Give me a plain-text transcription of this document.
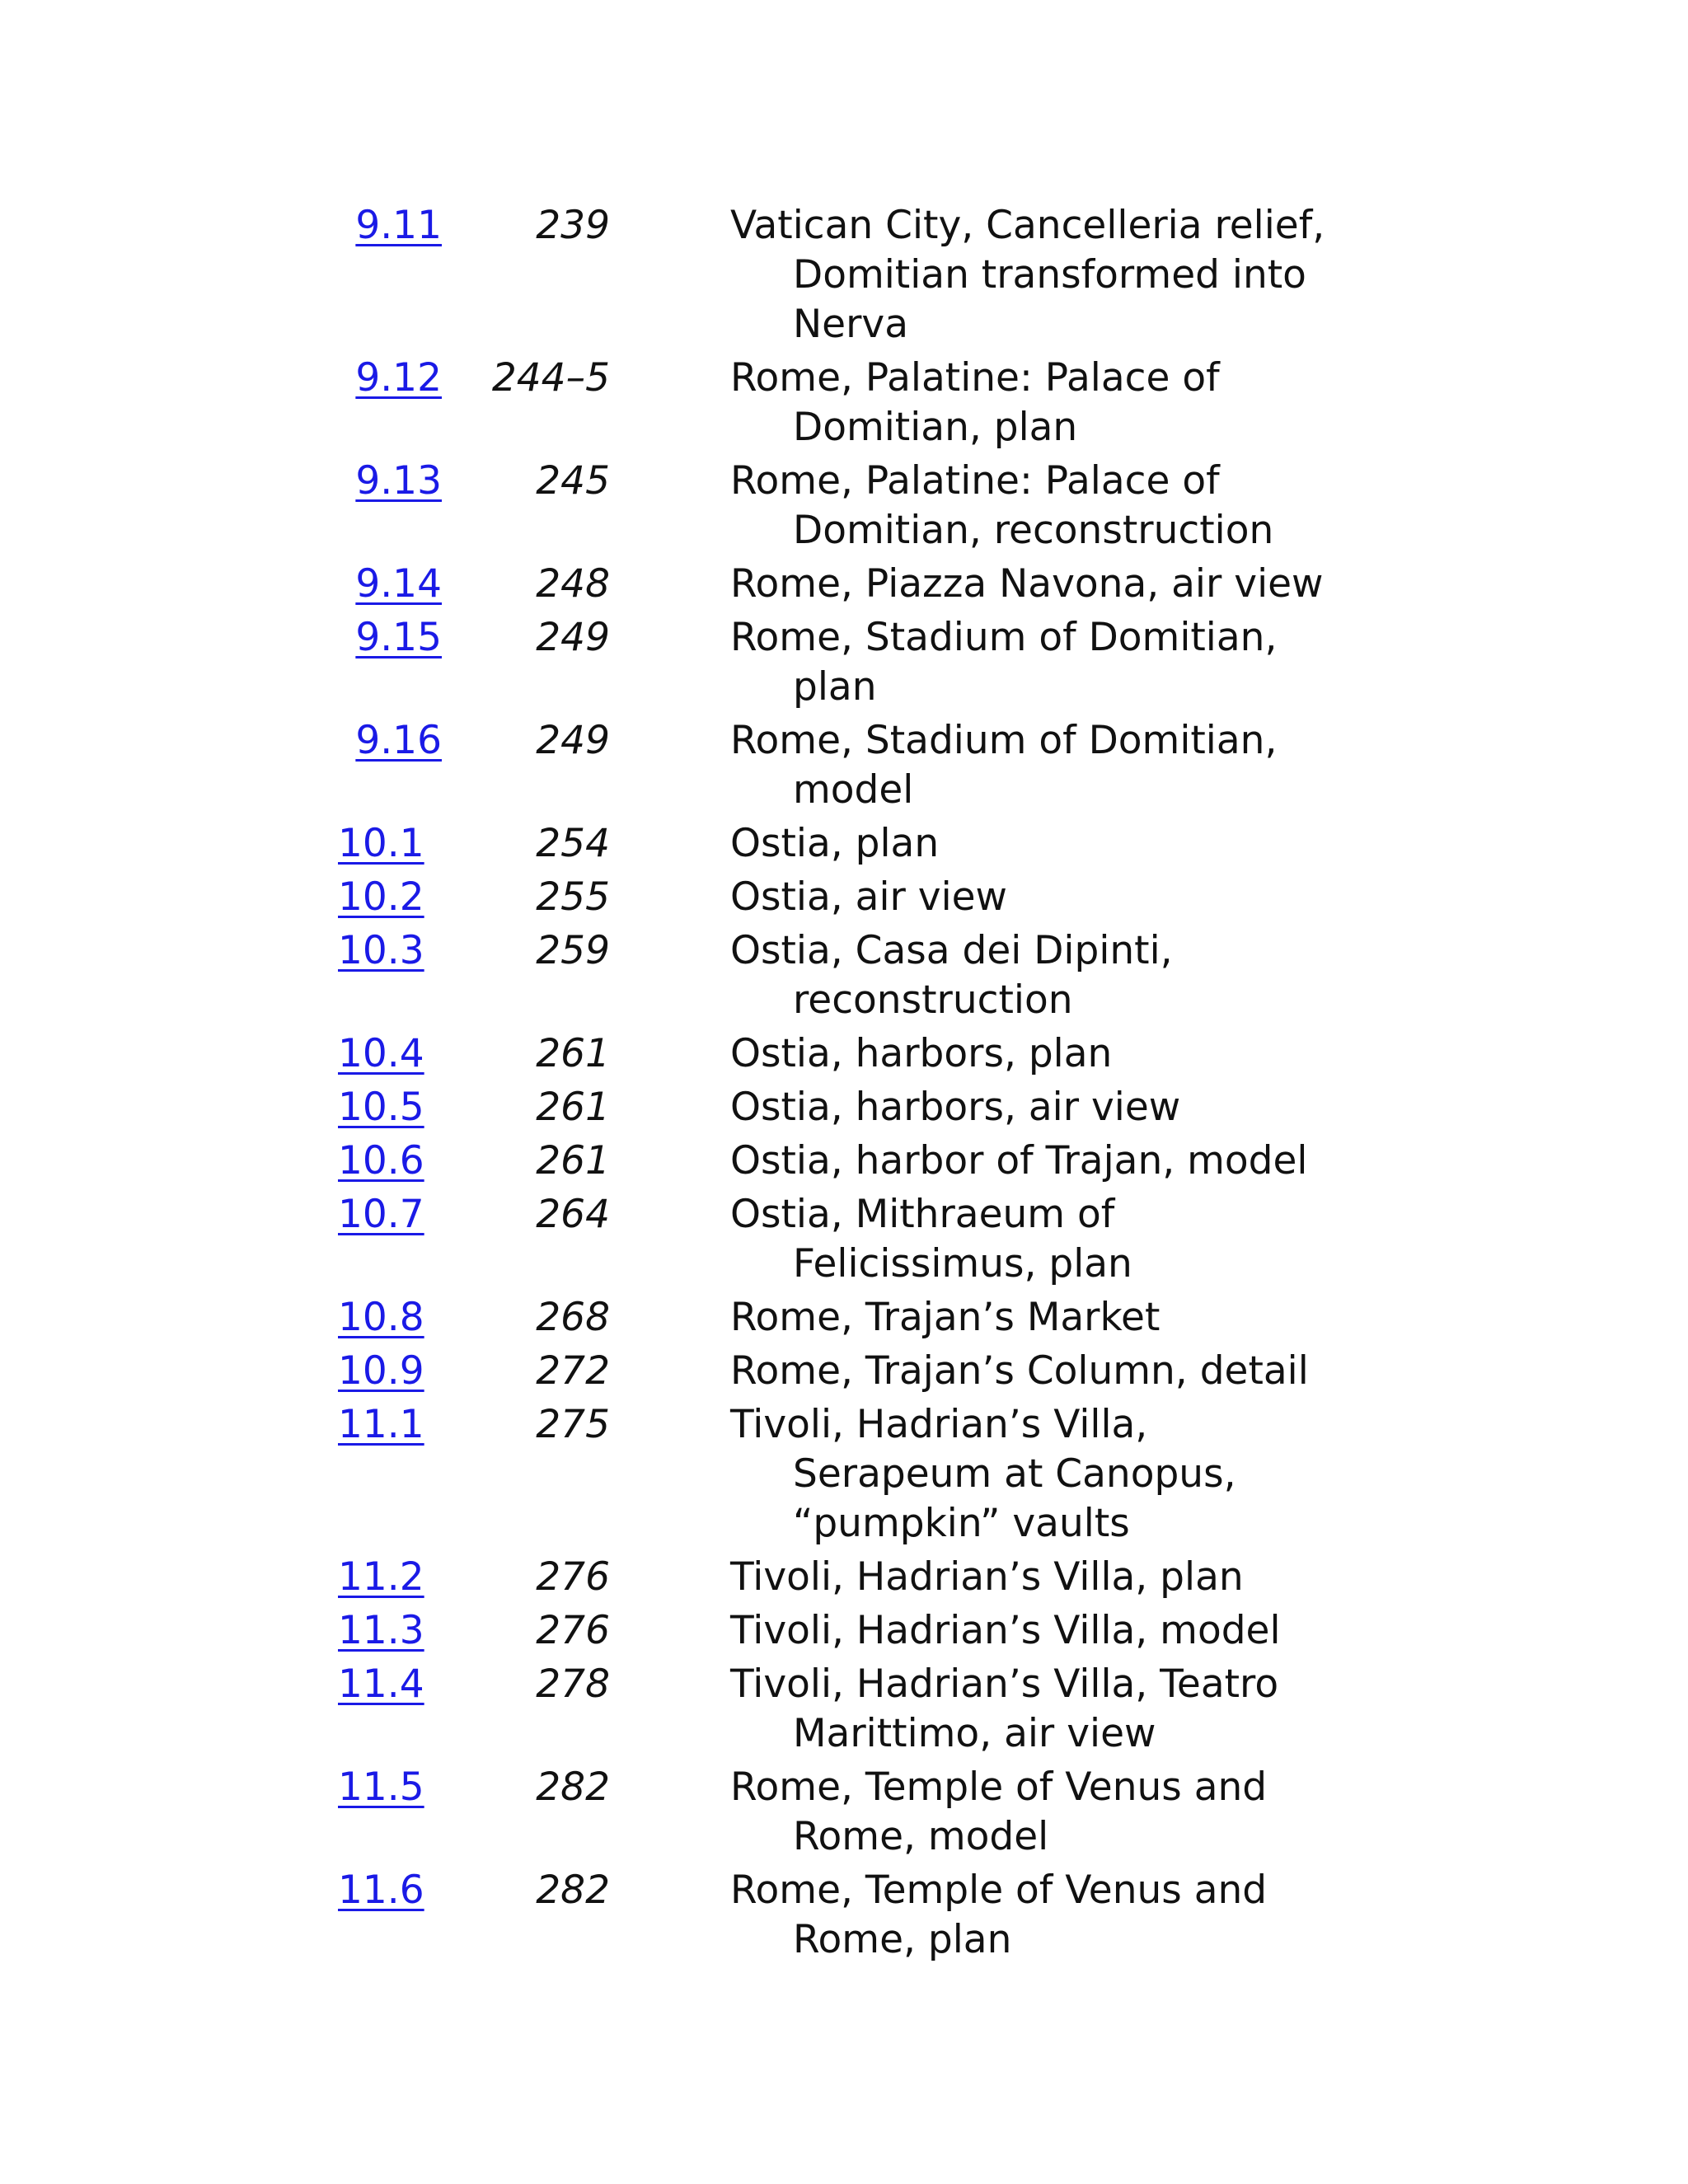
9.11 239	Vatican City, Cancelleria relief,
Domitian transformed into
Nerva
9.12 244–5	Rome, Palatine: Palace of
Domitian, plan
9.13 245	Rome, Palatine: Palace of
Domitian, reconstruction
9.14 248	Rome, Piazza Navona, air view
9.15 249	Rome, Stadium of Domitian,
plan
9.16 249	Rome, Stadium of Domitian,
model
10.1	254	Ostia, plan
10.2	255	Ostia, air view
10.3	259	Ostia, Casa dei Dipinti,
reconstruction
10.4	261	Ostia, harbors, plan
10.5	261	Ostia, harbors, air view
10.6	261	Ostia, harbor of Trajan, model
10.7	264	Ostia, Mithraeum of
Felicissimus, plan
10.8	268	Rome, Trajan’s Market
10.9	272	Rome, Trajan’s Column, detail
11.1	275	Tivoli, Hadrian’s Villa,
Serapeum at Canopus,
“pumpkin” vaults
11.2	276	Tivoli, Hadrian’s Villa, plan
11.3	276	Tivoli, Hadrian’s Villa, model
11.4	278	Tivoli, Hadrian’s Villa, Teatro
Marittimo, air view
11.5	282	Rome, Temple of Venus and
Rome, model
11.6	282	Rome, Temple of Venus and
Rome, plan
